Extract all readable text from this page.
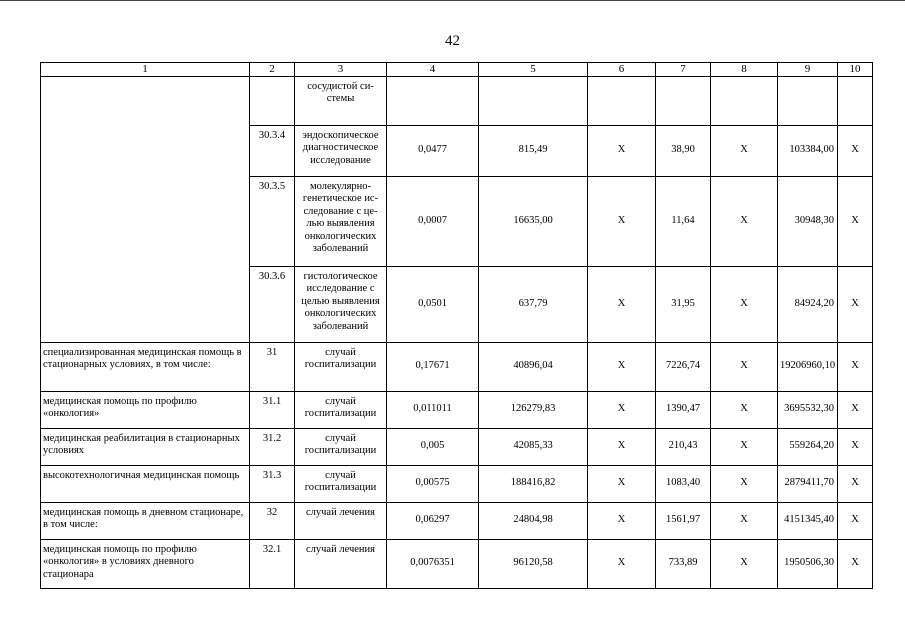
42
1	2	3	4	5	6	7	8	9	10
		сосудистой си-стемы							
	30.3.4	эндоскопическое диагностическое исследование	0,0477	815,49	X	38,90	X	103384,00	X
	30.3.5	молекулярно-генетическое ис-следование с це-лью выявления онкологических заболеваний	0,0007	16635,00	X	11,64	X	30948,30	X
	30.3.6	гистологическое исследование с целью выявления онкологических заболеваний	0,0501	637,79	X	31,95	X	84924,20	X
специализированная медицинская помощь в стационарных условиях, в том числе:	31	случай госпитализации	0,17671	40896,04	X	7226,74	X	19206960,10	X
медицинская помощь по профилю «онкология»	31.1	случай госпитализации	0,011011	126279,83	X	1390,47	X	3695532,30	X
медицинская реабилитация в стационарных условиях	31.2	случай госпитализации	0,005	42085,33	X	210,43	X	559264,20	X
высокотехнологичная медицинская помощь	31.3	случай госпитализации	0,00575	188416,82	X	1083,40	X	2879411,70	X
медицинская помощь в дневном стационаре, в том числе:	32	случай лечения	0,06297	24804,98	X	1561,97	X	4151345,40	X
медицинская помощь по профилю «онкология» в условиях дневного стационара	32.1	случай лечения	0,0076351	96120,58	X	733,89	X	1950506,30	X
